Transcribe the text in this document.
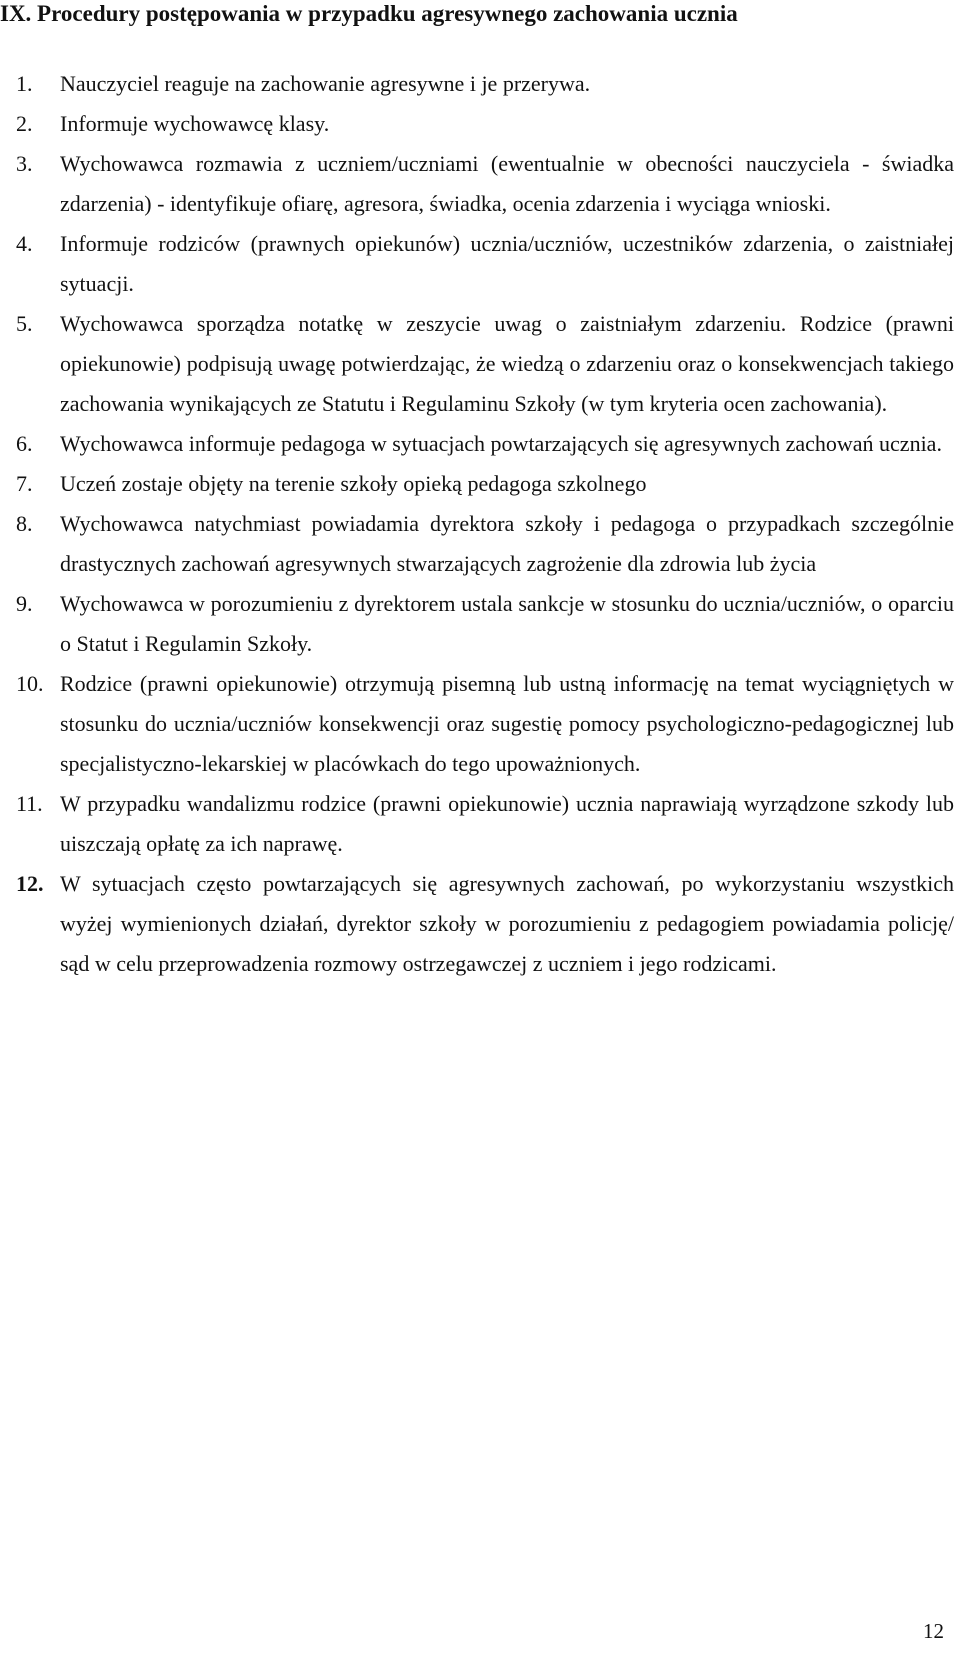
IX. Procedury postępowania w przypadku agresywnego zachowania ucznia
1.	Nauczyciel reaguje na zachowanie agresywne i je przerywa.
2.	Informuje wychowawcę klasy.
3.	Wychowawca rozmawia z uczniem/uczniami (ewentualnie w obecności nauczyciela - świadka zdarzenia) - identyfikuje ofiarę, agresora, świadka, ocenia zdarzenia i wyciąga wnioski.
4.	Informuje rodziców (prawnych opiekunów) ucznia/uczniów, uczestników zdarzenia, o zaistniałej sytuacji.
5.	Wychowawca sporządza notatkę w zeszycie uwag o zaistniałym zdarzeniu. Rodzice (prawni opiekunowie) podpisują uwagę potwierdzając, że wiedzą o zdarzeniu oraz o konsekwencjach takiego zachowania wynikających ze Statutu i Regulaminu Szkoły (w tym kryteria ocen zachowania).
6.	Wychowawca informuje pedagoga w sytuacjach powtarzających się agresywnych zachowań ucznia.
7.	Uczeń zostaje objęty na terenie szkoły opieką pedagoga szkolnego
8.	Wychowawca natychmiast powiadamia dyrektora szkoły i pedagoga o przypadkach szczególnie drastycznych zachowań agresywnych stwarzających zagrożenie dla zdrowia lub życia
9.	Wychowawca w porozumieniu z dyrektorem ustala sankcje w stosunku do ucznia/uczniów, o oparciu o Statut i Regulamin Szkoły.
10. Rodzice (prawni opiekunowie) otrzymują pisemną lub ustną informację na temat wyciągniętych w stosunku do ucznia/uczniów konsekwencji oraz sugestię pomocy psychologiczno-pedagogicznej lub specjalistyczno-lekarskiej w placówkach do tego upoważnionych.
11. W przypadku wandalizmu rodzice (prawni opiekunowie) ucznia naprawiają wyrządzone szkody lub uiszczają opłatę za ich naprawę.
12. W sytuacjach często powtarzających się agresywnych zachowań, po wykorzystaniu wszystkich wyżej wymienionych działań, dyrektor szkoły w porozumieniu z pedagogiem powiadamia policję/ sąd w celu przeprowadzenia rozmowy ostrzegawczej z uczniem i jego rodzicami.
12
